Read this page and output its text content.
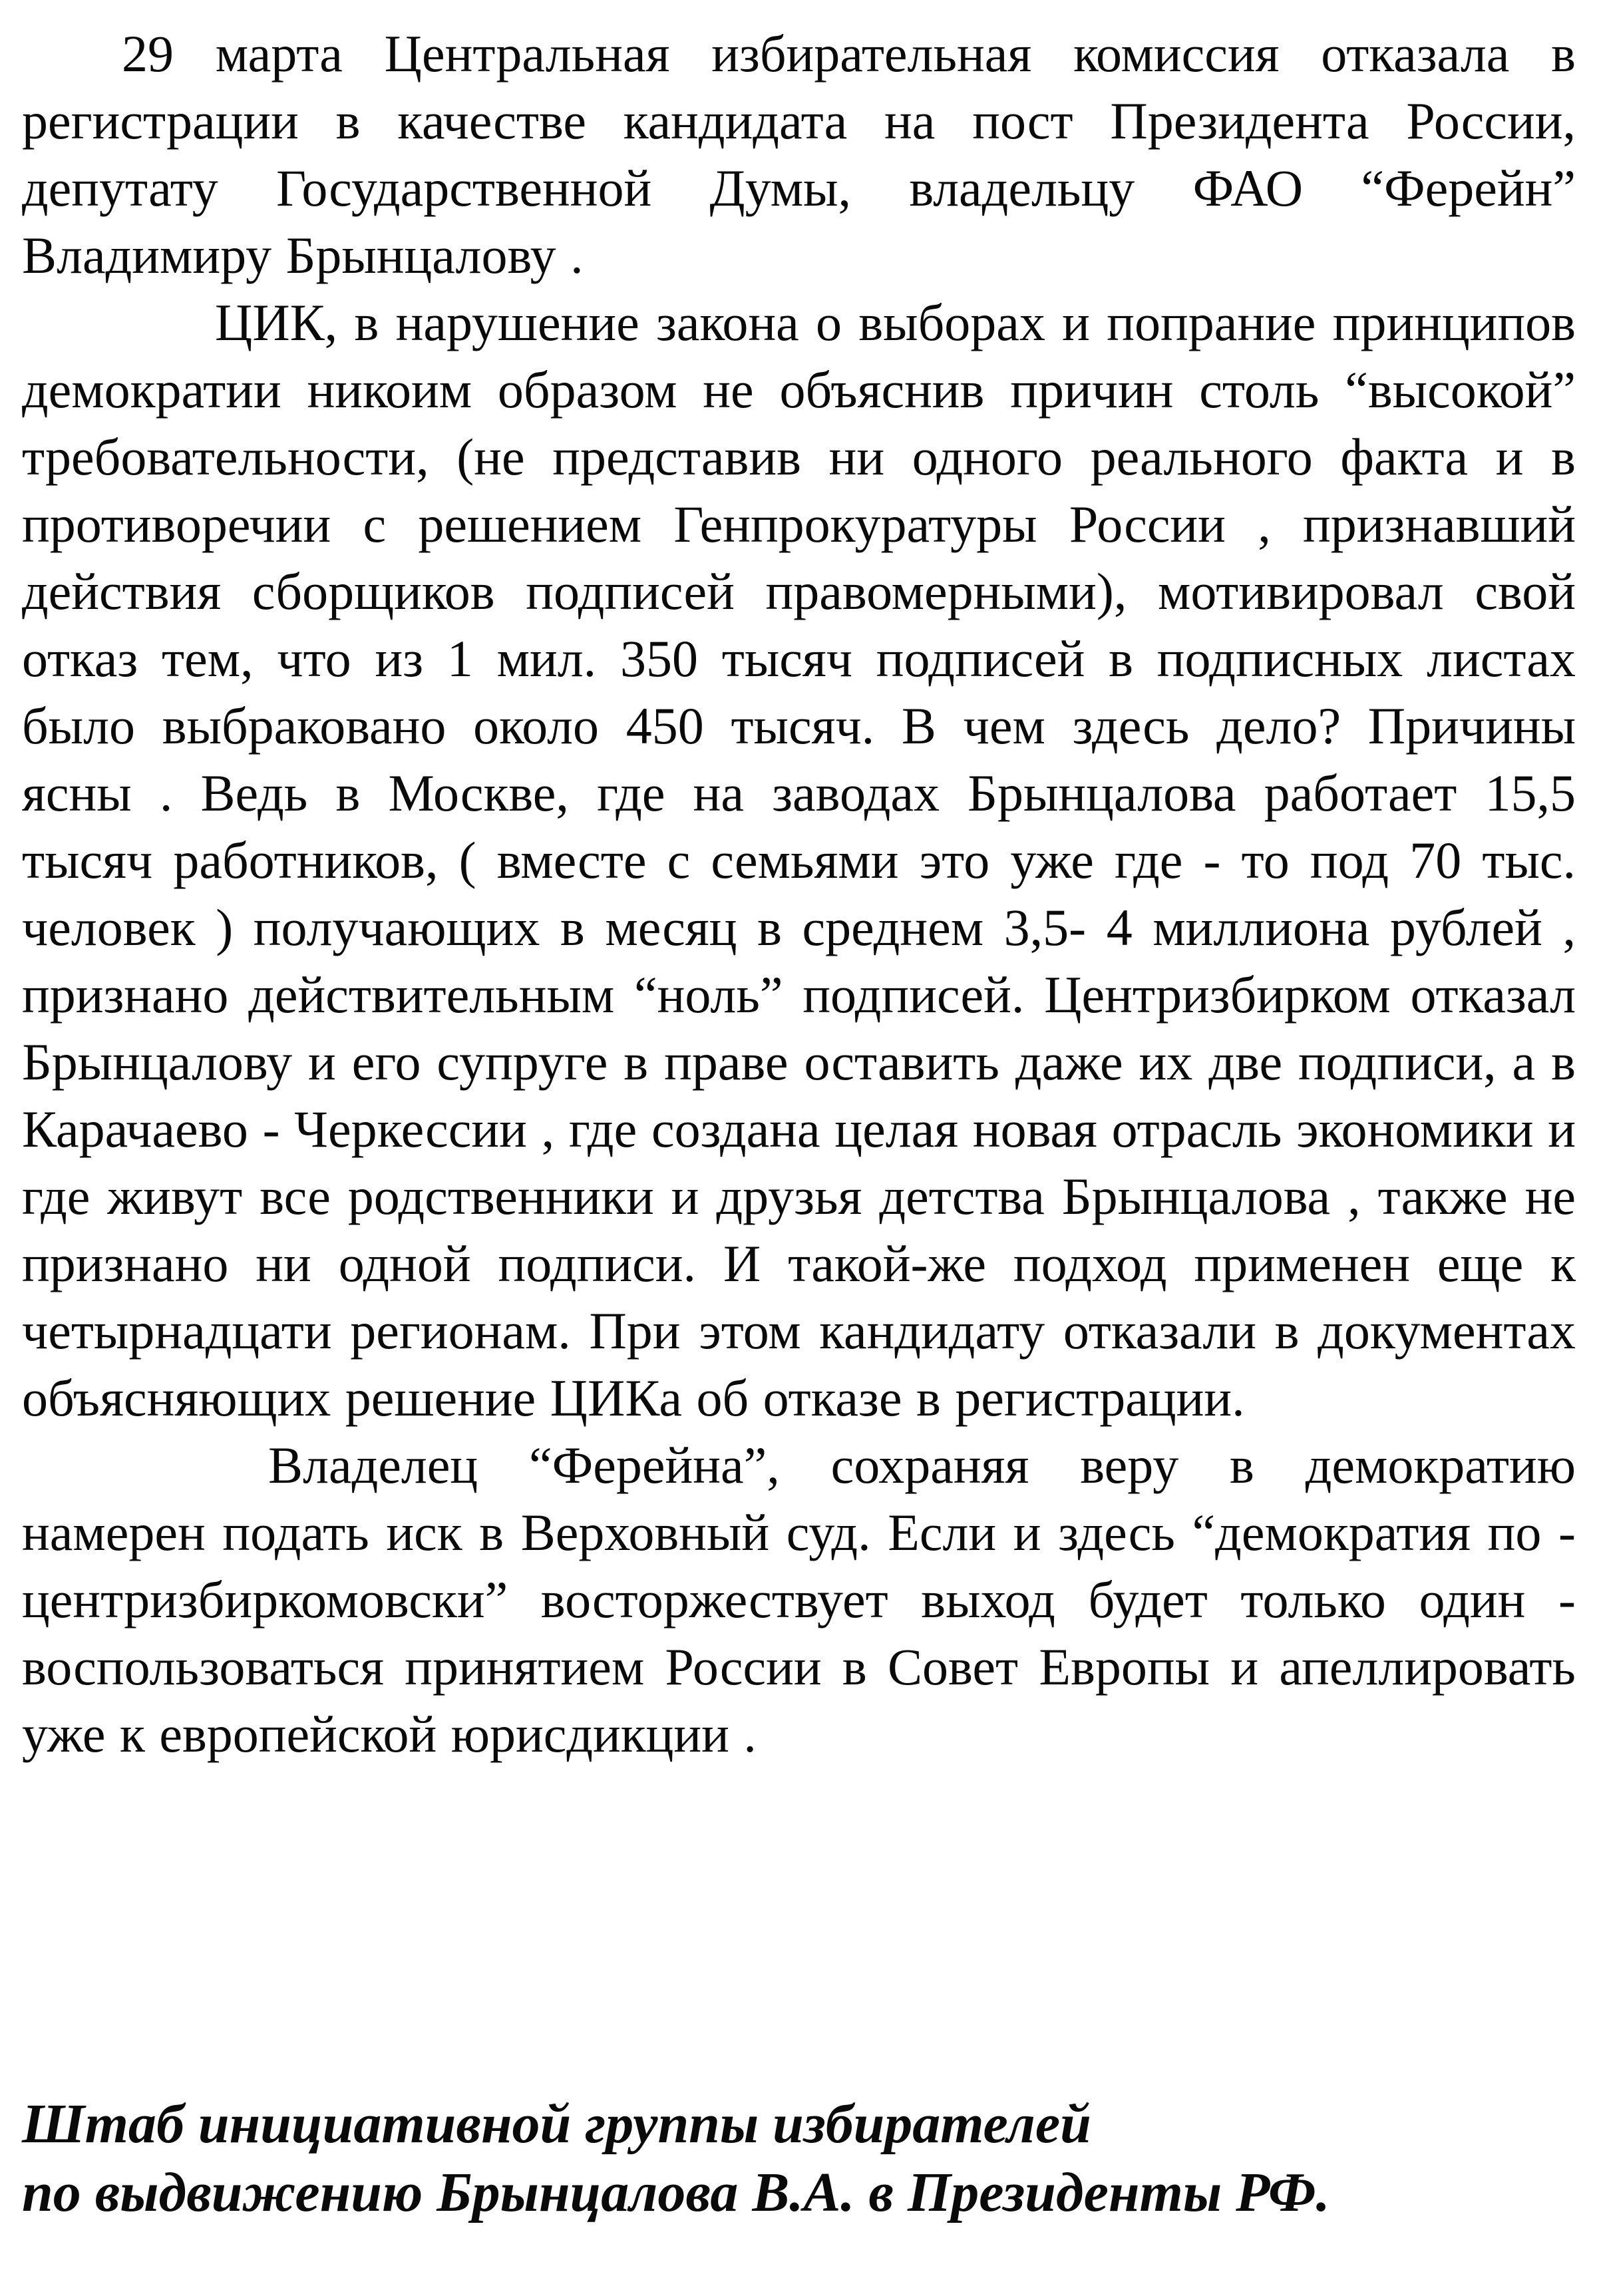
29 марта Центральная избирательная комиссия отказала в регистрации в качестве кандидата на пост Президента России, депутату Государственной Думы, владельцу ФАО “Ферейн” Владимиру Брынцалову .

ЦИК, в нарушение закона о выборах и попрание принципов демократии никоим образом не объяснив причин столь “высокой” требовательности, (не представив ни одного реального факта и в противоречии с решением Генпрокуратуры России , признавший действия сборщиков подписей правомерными), мотивировал свой отказ тем, что из 1 мил. 350 тысяч подписей в подписных листах было выбраковано около 450 тысяч. В чем здесь дело? Причины ясны . Ведь в Москве, где на заводах Брынцалова работает 15,5 тысяч работников, ( вместе с семьями это уже где - то под 70 тыс. человек ) получающих в месяц в среднем 3,5- 4 миллиона рублей , признано действительным “ноль” подписей. Центризбирком отказал Брынцалову и его супруге в праве оставить даже их две подписи, а в Карачаево - Черкессии , где создана целая новая отрасль экономики и где живут все родственники и друзья детства Брынцалова , также не признано ни одной подписи. И такой-же подход применен еще к четырнадцати регионам. При этом кандидату отказали в документах объясняющих решение ЦИКа об отказе в регистрации.

Владелец “Ферейна”, сохраняя веру в демократию намерен подать иск в Верховный суд. Если и здесь “демократия по - центризбиркомовски” восторжествует выход будет только один - воспользоваться принятием России в Совет Европы и апеллировать уже к европейской юрисдикции .

Штаб инициативной группы избирателей
по выдвижению Брынцалова В.А. в Президенты РФ.
